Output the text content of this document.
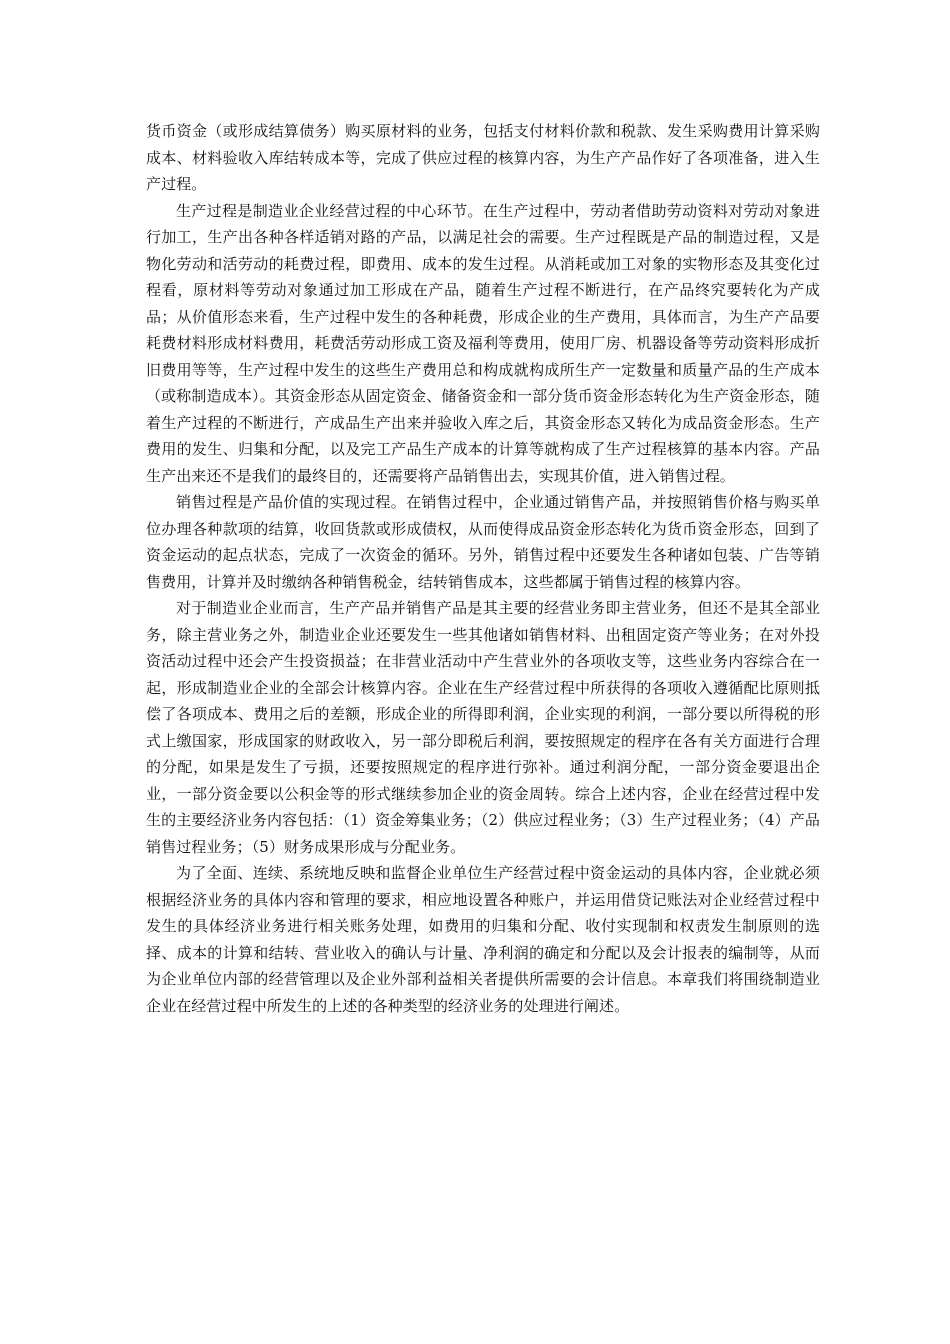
货币资金（或形成结算债务）购买原材料的业务，包括支付材料价款和税款、发生采购费用计算采购成本、材料验收入库结转成本等，完成了供应过程的核算内容，为生产产品作好了各项准备，进入生产过程。

生产过程是制造业企业经营过程的中心环节。在生产过程中，劳动者借助劳动资料对劳动对象进行加工，生产出各种各样适销对路的产品，以满足社会的需要。生产过程既是产品的制造过程，又是物化劳动和活劳动的耗费过程，即费用、成本的发生过程。从消耗或加工对象的实物形态及其变化过程看，原材料等劳动对象通过加工形成在产品，随着生产过程不断进行，在产品终究要转化为产成品；从价值形态来看，生产过程中发生的各种耗费，形成企业的生产费用，具体而言，为生产产品要耗费材料形成材料费用，耗费活劳动形成工资及福利等费用，使用厂房、机器设备等劳动资料形成折旧费用等等，生产过程中发生的这些生产费用总和构成就构成所生产一定数量和质量产品的生产成本（或称制造成本）。其资金形态从固定资金、储备资金和一部分货币资金形态转化为生产资金形态，随着生产过程的不断进行，产成品生产出来并验收入库之后，其资金形态又转化为成品资金形态。生产费用的发生、归集和分配，以及完工产品生产成本的计算等就构成了生产过程核算的基本内容。产品生产出来还不是我们的最终目的，还需要将产品销售出去，实现其价值，进入销售过程。

销售过程是产品价值的实现过程。在销售过程中，企业通过销售产品，并按照销售价格与购买单位办理各种款项的结算，收回货款或形成债权，从而使得成品资金形态转化为货币资金形态，回到了资金运动的起点状态，完成了一次资金的循环。另外，销售过程中还要发生各种诸如包装、广告等销售费用，计算并及时缴纳各种销售税金，结转销售成本，这些都属于销售过程的核算内容。

对于制造业企业而言，生产产品并销售产品是其主要的经营业务即主营业务，但还不是其全部业务，除主营业务之外，制造业企业还要发生一些其他诸如销售材料、出租固定资产等业务；在对外投资活动过程中还会产生投资损益；在非营业活动中产生营业外的各项收支等，这些业务内容综合在一起，形成制造业企业的全部会计核算内容。企业在生产经营过程中所获得的各项收入遵循配比原则抵偿了各项成本、费用之后的差额，形成企业的所得即利润，企业实现的利润，一部分要以所得税的形式上缴国家，形成国家的财政收入，另一部分即税后利润，要按照规定的程序在各有关方面进行合理的分配，如果是发生了亏损，还要按照规定的程序进行弥补。通过利润分配，一部分资金要退出企业，一部分资金要以公积金等的形式继续参加企业的资金周转。综合上述内容，企业在经营过程中发生的主要经济业务内容包括：（1）资金筹集业务；（2）供应过程业务；（3）生产过程业务；（4）产品销售过程业务；（5）财务成果形成与分配业务。

为了全面、连续、系统地反映和监督企业单位生产经营过程中资金运动的具体内容，企业就必须根据经济业务的具体内容和管理的要求，相应地设置各种账户，并运用借贷记账法对企业经营过程中发生的具体经济业务进行相关账务处理，如费用的归集和分配、收付实现制和权责发生制原则的选择、成本的计算和结转、营业收入的确认与计量、净利润的确定和分配以及会计报表的编制等，从而为企业单位内部的经营管理以及企业外部利益相关者提供所需要的会计信息。本章我们将围绕制造业企业在经营过程中所发生的上述的各种类型的经济业务的处理进行阐述。
